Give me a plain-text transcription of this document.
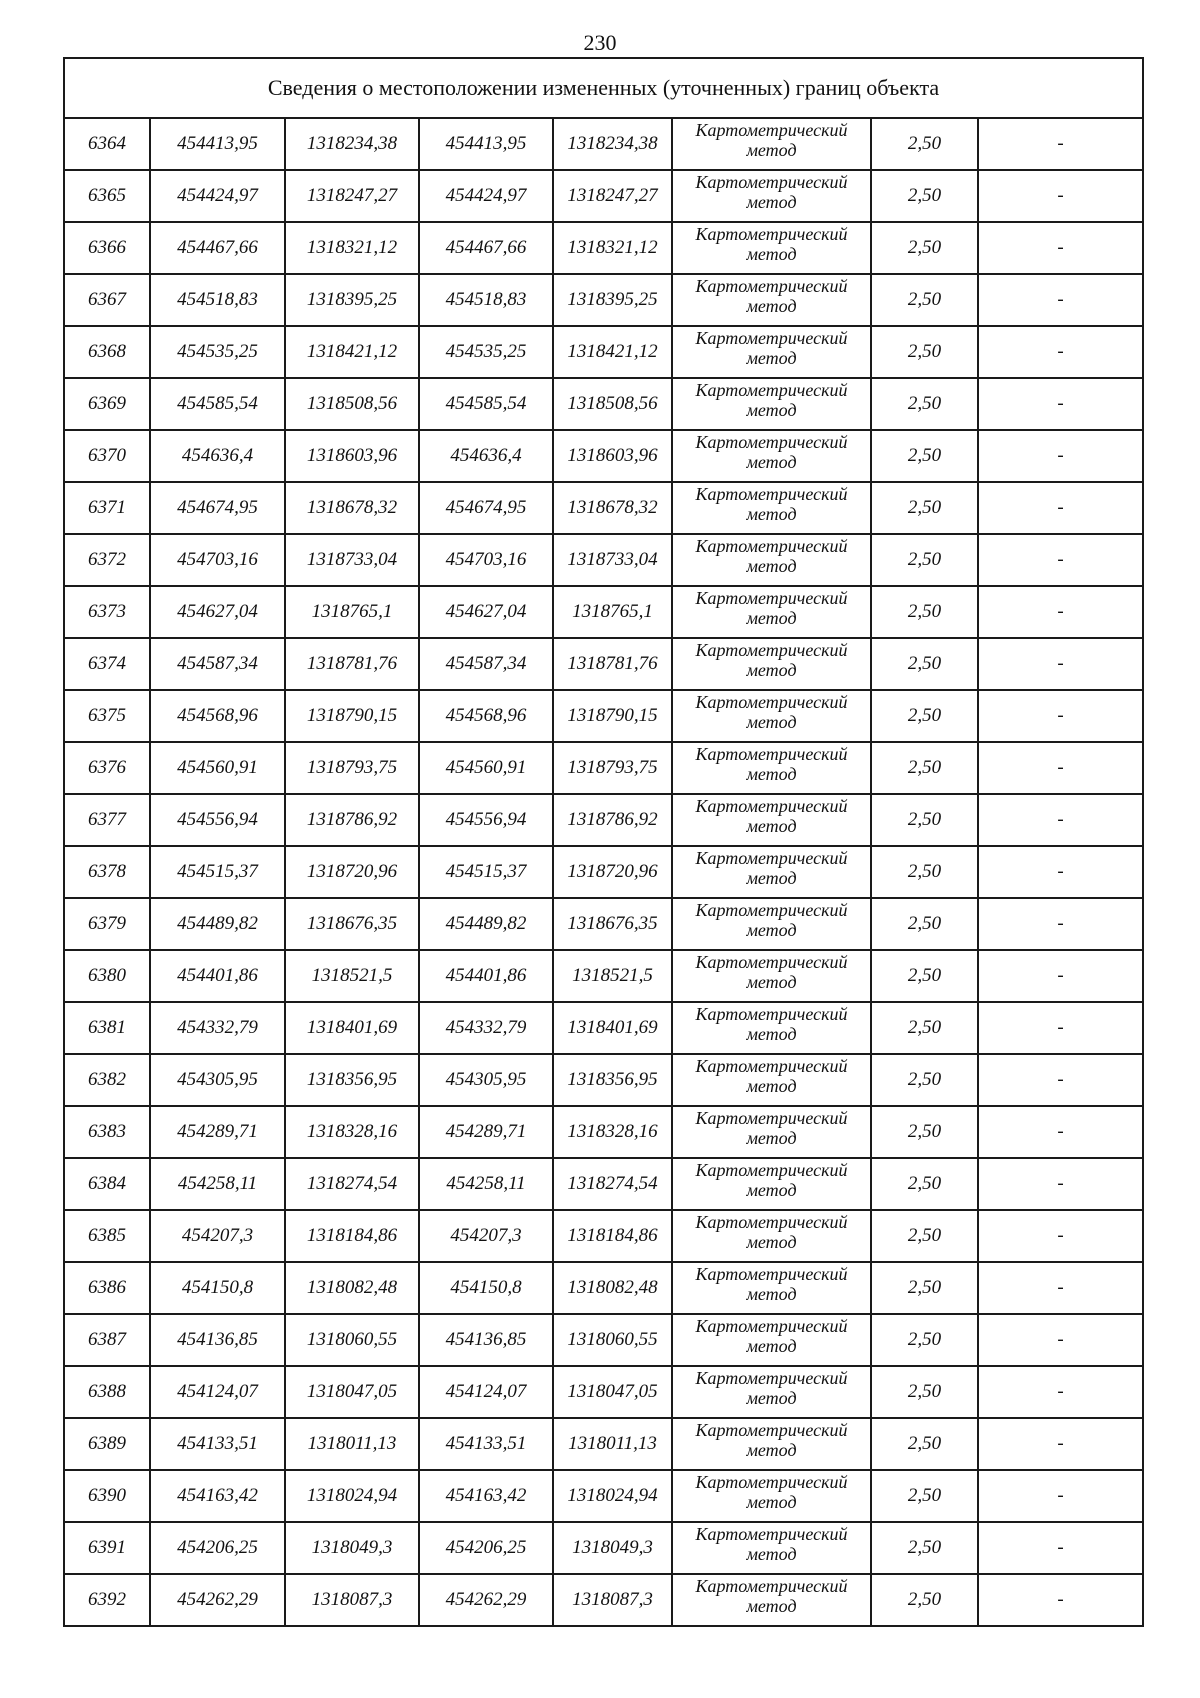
230
Сведения о местоположении измененных (уточненных) границ объекта							
6364	454413,95	1318234,38	454413,95	1318234,38	Картометрический
метод	2,50	-
6365	454424,97	1318247,27	454424,97	1318247,27	Картометрический
метод	2,50	-
6366	454467,66	1318321,12	454467,66	1318321,12	Картометрический
метод	2,50	-
6367	454518,83	1318395,25	454518,83	1318395,25	Картометрический
метод	2,50	-
6368	454535,25	1318421,12	454535,25	1318421,12	Картометрический
метод	2,50	-
6369	454585,54	1318508,56	454585,54	1318508,56	Картометрический
метод	2,50	-
6370	454636,4	1318603,96	454636,4	1318603,96	Картометрический
метод	2,50	-
6371	454674,95	1318678,32	454674,95	1318678,32	Картометрический
метод	2,50	-
6372	454703,16	1318733,04	454703,16	1318733,04	Картометрический
метод	2,50	-
6373	454627,04	1318765,1	454627,04	1318765,1	Картометрический
метод	2,50	-
6374	454587,34	1318781,76	454587,34	1318781,76	Картометрический
метод	2,50	-
6375	454568,96	1318790,15	454568,96	1318790,15	Картометрический
метод	2,50	-
6376	454560,91	1318793,75	454560,91	1318793,75	Картометрический
метод	2,50	-
6377	454556,94	1318786,92	454556,94	1318786,92	Картометрический
метод	2,50	-
6378	454515,37	1318720,96	454515,37	1318720,96	Картометрический
метод	2,50	-
6379	454489,82	1318676,35	454489,82	1318676,35	Картометрический
метод	2,50	-
6380	454401,86	1318521,5	454401,86	1318521,5	Картометрический
метод	2,50	-
6381	454332,79	1318401,69	454332,79	1318401,69	Картометрический
метод	2,50	-
6382	454305,95	1318356,95	454305,95	1318356,95	Картометрический
метод	2,50	-
6383	454289,71	1318328,16	454289,71	1318328,16	Картометрический
метод	2,50	-
6384	454258,11	1318274,54	454258,11	1318274,54	Картометрический
метод	2,50	-
6385	454207,3	1318184,86	454207,3	1318184,86	Картометрический
метод	2,50	-
6386	454150,8	1318082,48	454150,8	1318082,48	Картометрический
метод	2,50	-
6387	454136,85	1318060,55	454136,85	1318060,55	Картометрический
метод	2,50	-
6388	454124,07	1318047,05	454124,07	1318047,05	Картометрический
метод	2,50	-
6389	454133,51	1318011,13	454133,51	1318011,13	Картометрический
метод	2,50	-
6390	454163,42	1318024,94	454163,42	1318024,94	Картометрический
метод	2,50	-
6391	454206,25	1318049,3	454206,25	1318049,3	Картометрический
метод	2,50	-
6392	454262,29	1318087,3	454262,29	1318087,3	Картометрический
метод	2,50	-
